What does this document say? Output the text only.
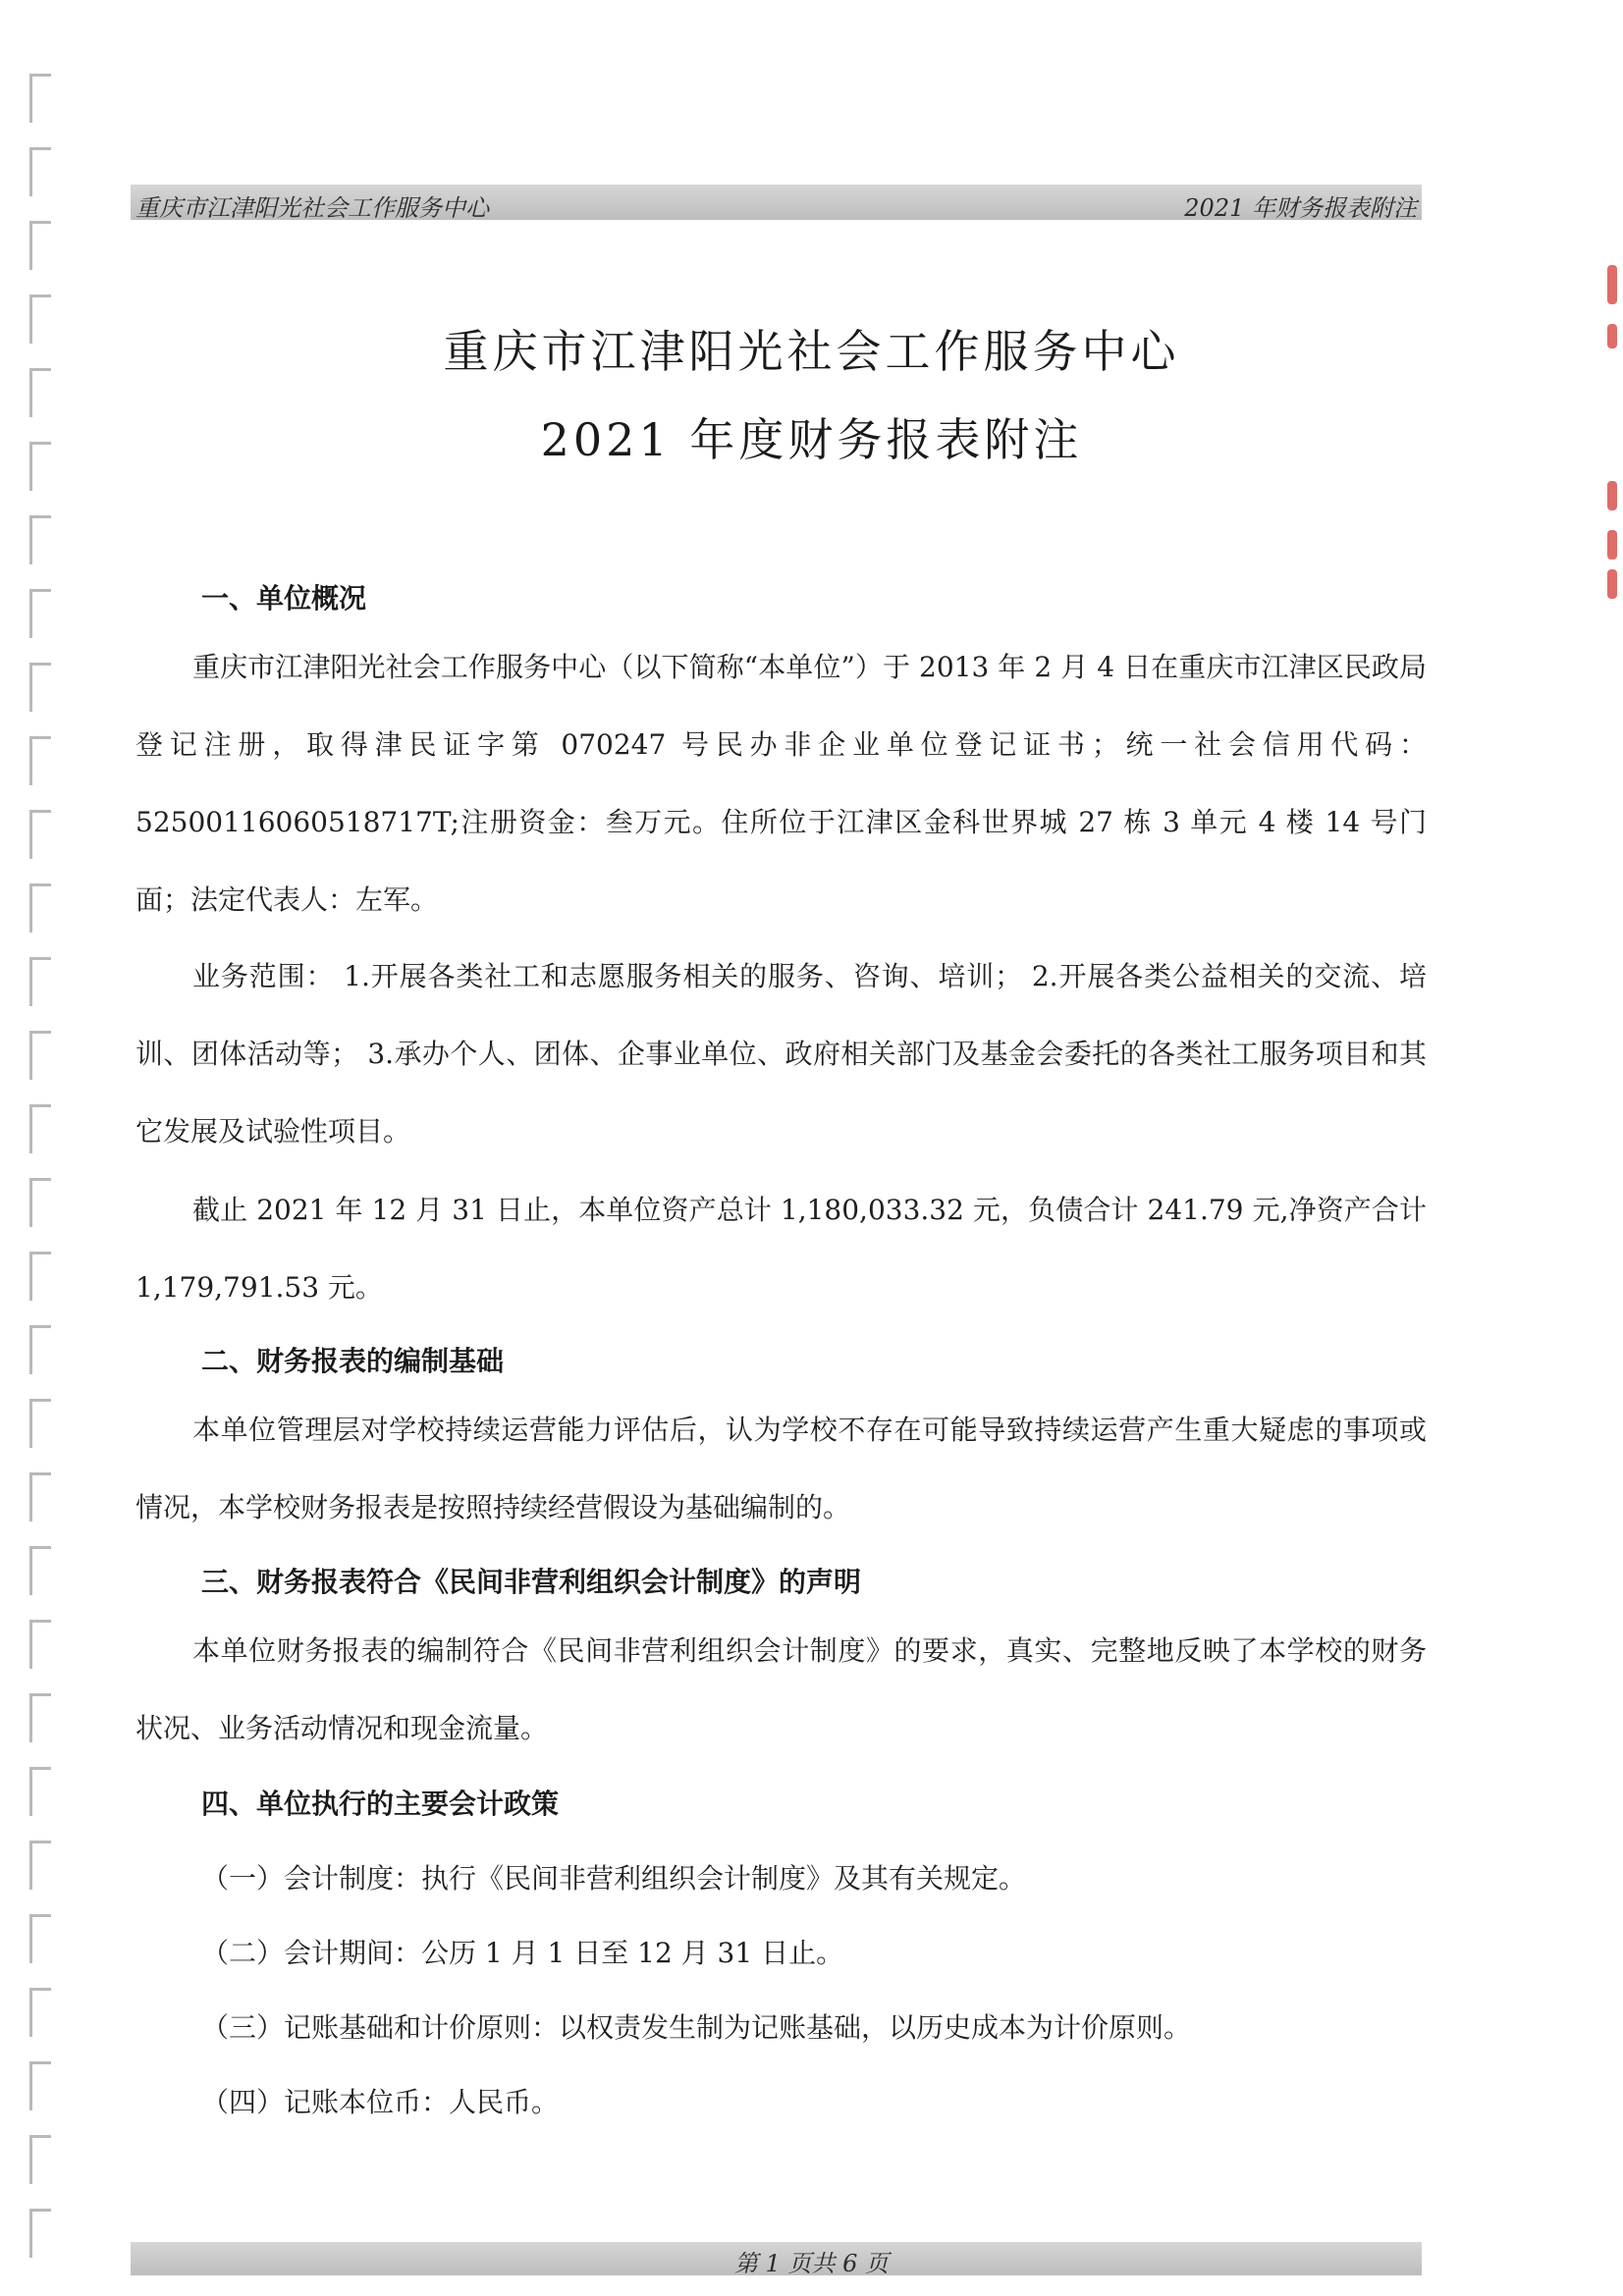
重庆市江津阳光社会工作服务中心	2021 年财务报表附注
重庆市江津阳光社会工作服务中心
2021 年度财务报表附注
一、单位概况

重庆市江津阳光社会工作服务中心（以下简称“本单位”）于 2013 年 2 月 4 日在重庆市江津区民政局登记注册，取得津民证字第 070247 号民办非企业单位登记证书；统一社会信用代码：52500116060518717T;注册资金：叁万元。住所位于江津区金科世界城 27 栋 3 单元 4 楼 14 号门面；法定代表人：左军。

业务范围： 1.开展各类社工和志愿服务相关的服务、咨询、培训； 2.开展各类公益相关的交流、培训、团体活动等； 3.承办个人、团体、企事业单位、政府相关部门及基金会委托的各类社工服务项目和其它发展及试验性项目。

截止 2021 年 12 月 31 日止，本单位资产总计 1,180,033.32 元，负债合计 241.79 元,净资产合计 1,179,791.53 元。

二、财务报表的编制基础

本单位管理层对学校持续运营能力评估后，认为学校不存在可能导致持续运营产生重大疑虑的事项或情况，本学校财务报表是按照持续经营假设为基础编制的。

三、财务报表符合《民间非营利组织会计制度》的声明

本单位财务报表的编制符合《民间非营利组织会计制度》的要求，真实、完整地反映了本学校的财务状况、业务活动情况和现金流量。

四、单位执行的主要会计政策
（一）会计制度：执行《民间非营利组织会计制度》及其有关规定。
（二）会计期间：公历 1 月 1 日至 12 月 31 日止。
（三）记账基础和计价原则：以权责发生制为记账基础，以历史成本为计价原则。
（四）记账本位币：人民币。
第 1 页共 6 页
